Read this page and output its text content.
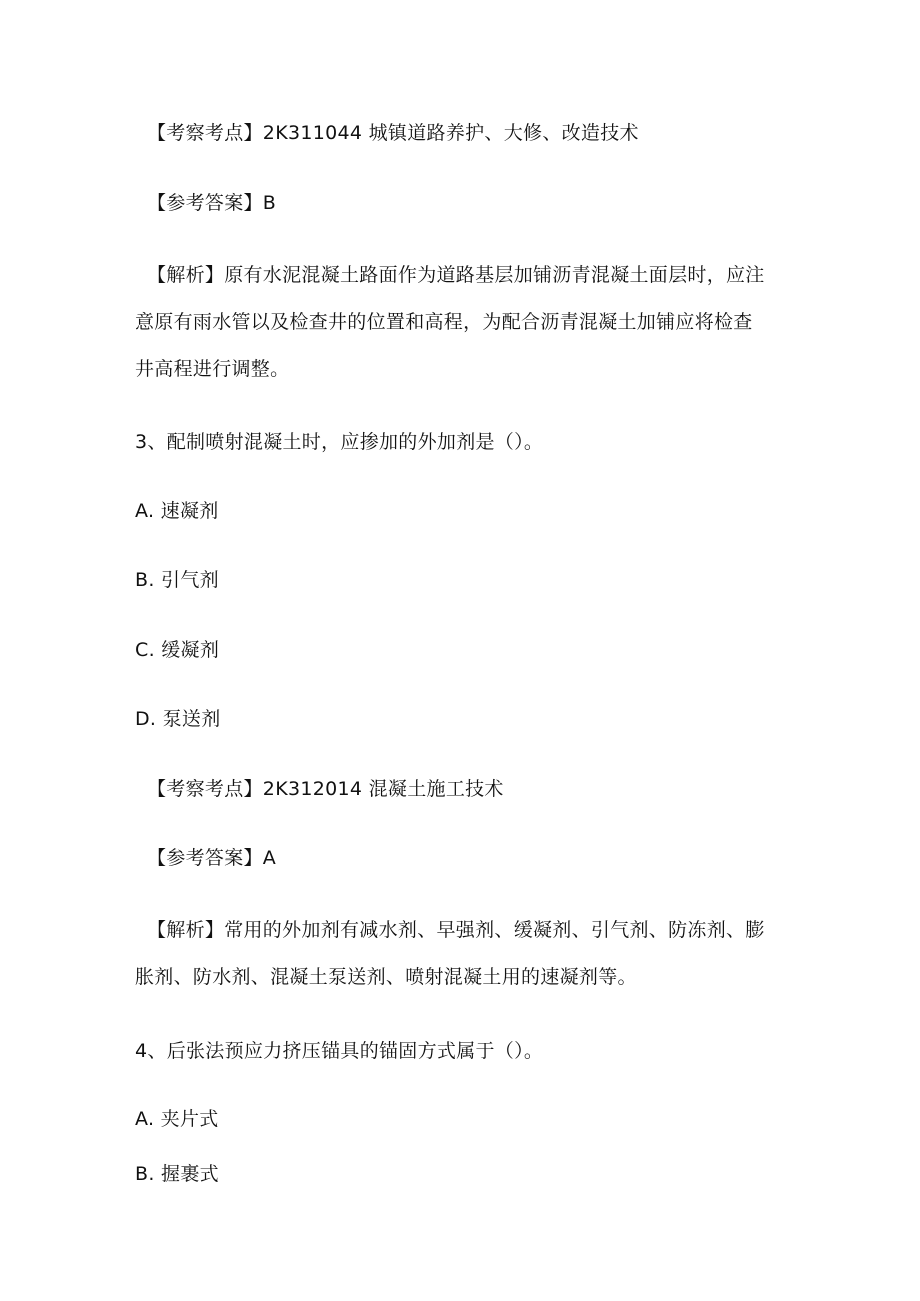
【考察考点】2K311044 城镇道路养护、大修、改造技术
【参考答案】B
【解析】原有水泥混凝土路面作为道路基层加铺沥青混凝土面层时，应注
意原有雨水管以及检查井的位置和高程，为配合沥青混凝土加铺应将检查
井高程进行调整。
3、配制喷射混凝土时，应掺加的外加剂是（）。
A. 速凝剂
B. 引气剂
C. 缓凝剂
D. 泵送剂
【考察考点】2K312014 混凝土施工技术
【参考答案】A
【解析】常用的外加剂有减水剂、早强剂、缓凝剂、引气剂、防冻剂、膨
胀剂、防水剂、混凝土泵送剂、喷射混凝土用的速凝剂等。
4、后张法预应力挤压锚具的锚固方式属于（）。
A. 夹片式
B. 握裹式
